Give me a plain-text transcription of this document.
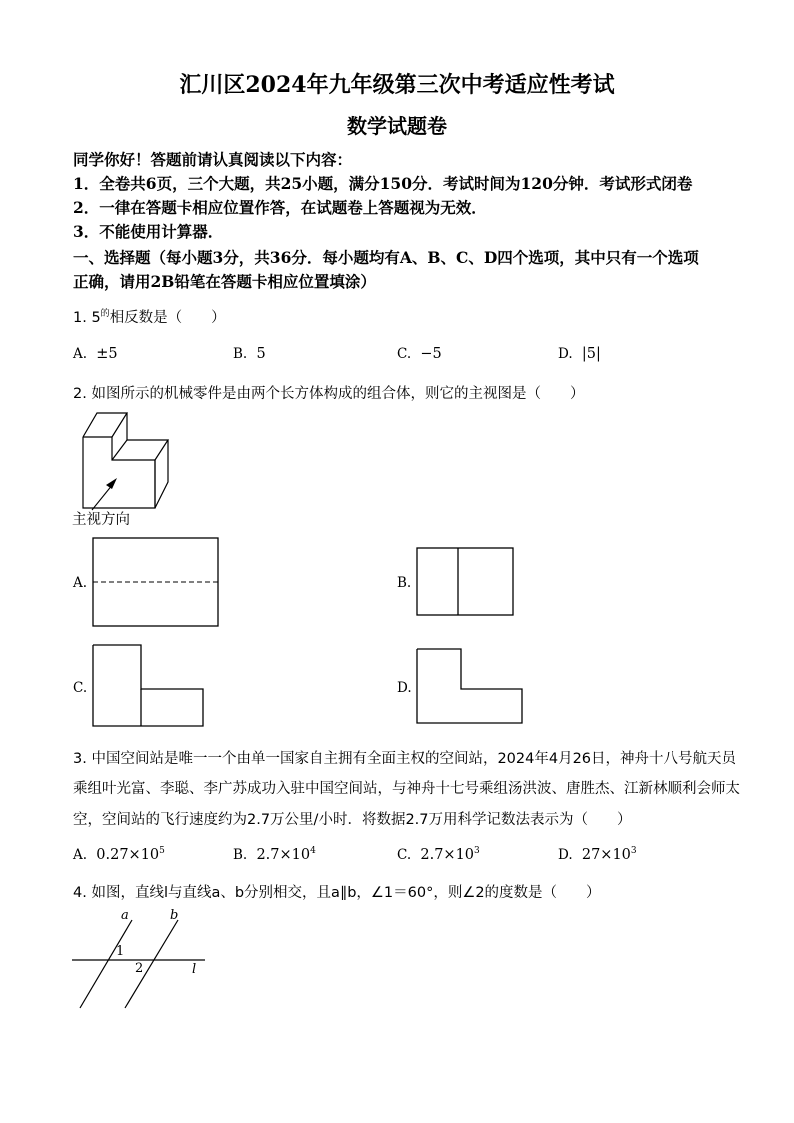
汇川区2024年九年级第三次中考适应性考试
数学试题卷
同学你好！答题前请认真阅读以下内容：
1．全卷共6页，三个大题，共25小题，满分150分．考试时间为120分钟．考试形式闭卷
2．一律在答题卡相应位置作答，在试题卷上答题视为无效．
3．不能使用计算器．
一、选择题（每小题3分，共36分．每小题均有A、B、C、D四个选项，其中只有一个选项
正确，请用2B铅笔在答题卡相应位置填涂）
1. $5^的$相反数是（　　）
A. ±5	B. 5	C. −5	D. |5|
2. 如图所示的机械零件是由两个长方体构成的组合体，则它的主视图是（　　）
主视方向
A.	B.
C.	D.
3. 中国空间站是唯一一个由单一国家自主拥有全面主权的空间站，2024年4月26日，神舟十八号航天员
乘组叶光富、李聪、李广苏成功入驻中国空间站，与神舟十七号乘组汤洪波、唐胜杰、江新林顺利会师太
空，空间站的飞行速度约为2.7万公里/小时．将数据2.7万用科学记数法表示为（　　）
A. $0.27\times 10^5$	B. $2.7\times 10^4$	C. $2.7\times 10^3$	D. $27\times 10^3$
4. 如图，直线l与直线a、b分别相交，且a∥b，∠1＝60°，则∠2的度数是（　　）
a	b
1
2	l
